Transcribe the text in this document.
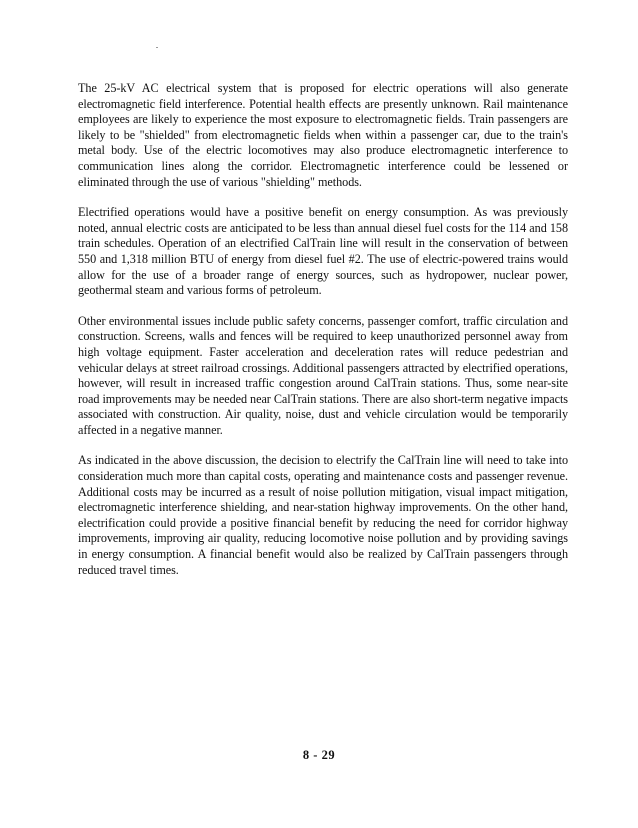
The 25-kV AC electrical system that is proposed for electric operations will also generate electromagnetic field interference. Potential health effects are presently unknown. Rail maintenance employees are likely to experience the most exposure to electromagnetic fields. Train passengers are likely to be "shielded" from electromagnetic fields when within a passenger car, due to the train's metal body. Use of the electric locomotives may also produce electromagnetic interference to communication lines along the corridor. Electromagnetic interference could be lessened or eliminated through the use of various "shielding" methods.

Electrified operations would have a positive benefit on energy consumption. As was previously noted, annual electric costs are anticipated to be less than annual diesel fuel costs for the 114 and 158 train schedules. Operation of an electrified CalTrain line will result in the conservation of between 550 and 1,318 million BTU of energy from diesel fuel #2. The use of electric-powered trains would allow for the use of a broader range of energy sources, such as hydropower, nuclear power, geothermal steam and various forms of petroleum.

Other environmental issues include public safety concerns, passenger comfort, traffic circulation and construction. Screens, walls and fences will be required to keep unauthorized personnel away from high voltage equipment. Faster acceleration and deceleration rates will reduce pedestrian and vehicular delays at street railroad crossings. Additional passengers attracted by electrified operations, however, will result in increased traffic congestion around CalTrain stations. Thus, some near-site road improvements may be needed near CalTrain stations. There are also short-term negative impacts associated with construction. Air quality, noise, dust and vehicle circulation would be temporarily affected in a negative manner.

As indicated in the above discussion, the decision to electrify the CalTrain line will need to take into consideration much more than capital costs, operating and maintenance costs and passenger revenue. Additional costs may be incurred as a result of noise pollution mitigation, visual impact mitigation, electromagnetic interference shielding, and near-station highway improvements. On the other hand, electrification could provide a positive financial benefit by reducing the need for corridor highway improvements, improving air quality, reducing locomotive noise pollution and by providing savings in energy consumption. A financial benefit would also be realized by CalTrain passengers through reduced travel times.

8 - 29
